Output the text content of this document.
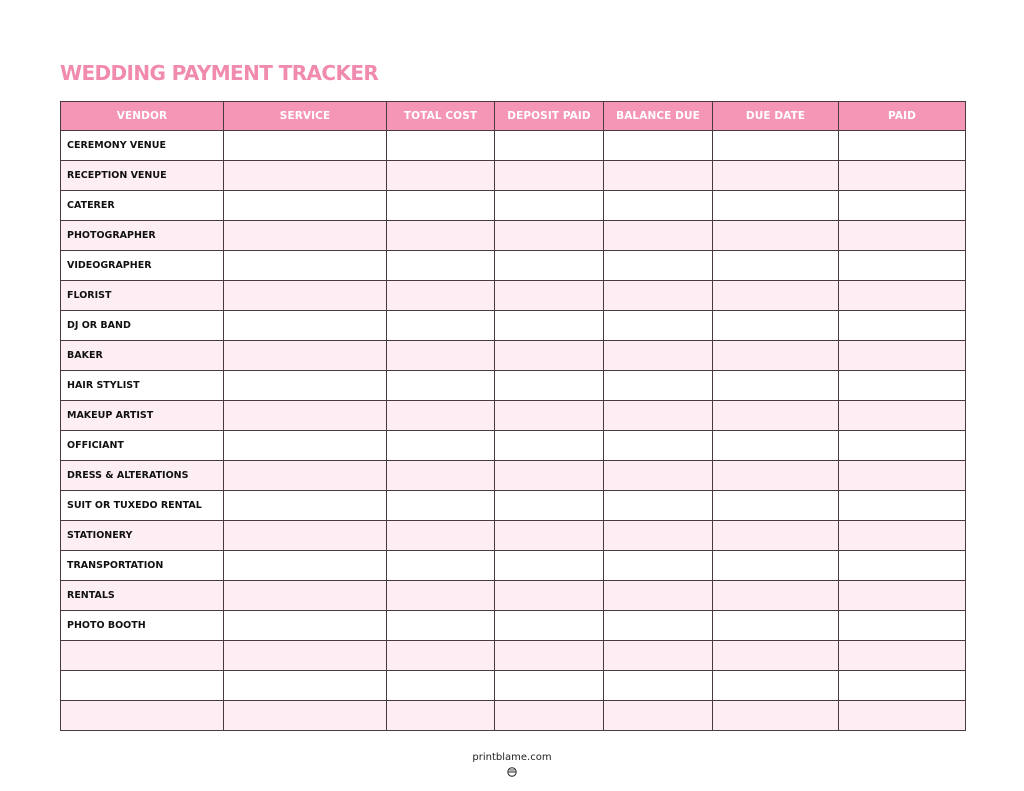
WEDDING PAYMENT TRACKER
VENDOR	SERVICE	TOTAL COST	DEPOSIT PAID	BALANCE DUE	DUE DATE	PAID
CEREMONY VENUE						
RECEPTION VENUE						
CATERER						
PHOTOGRAPHER						
VIDEOGRAPHER						
FLORIST						
DJ OR BAND						
BAKER						
HAIR STYLIST						
MAKEUP ARTIST						
OFFICIANT						
DRESS & ALTERATIONS						
SUIT OR TUXEDO RENTAL						
STATIONERY						
TRANSPORTATION						
RENTALS						
PHOTO BOOTH						

printblame.com
